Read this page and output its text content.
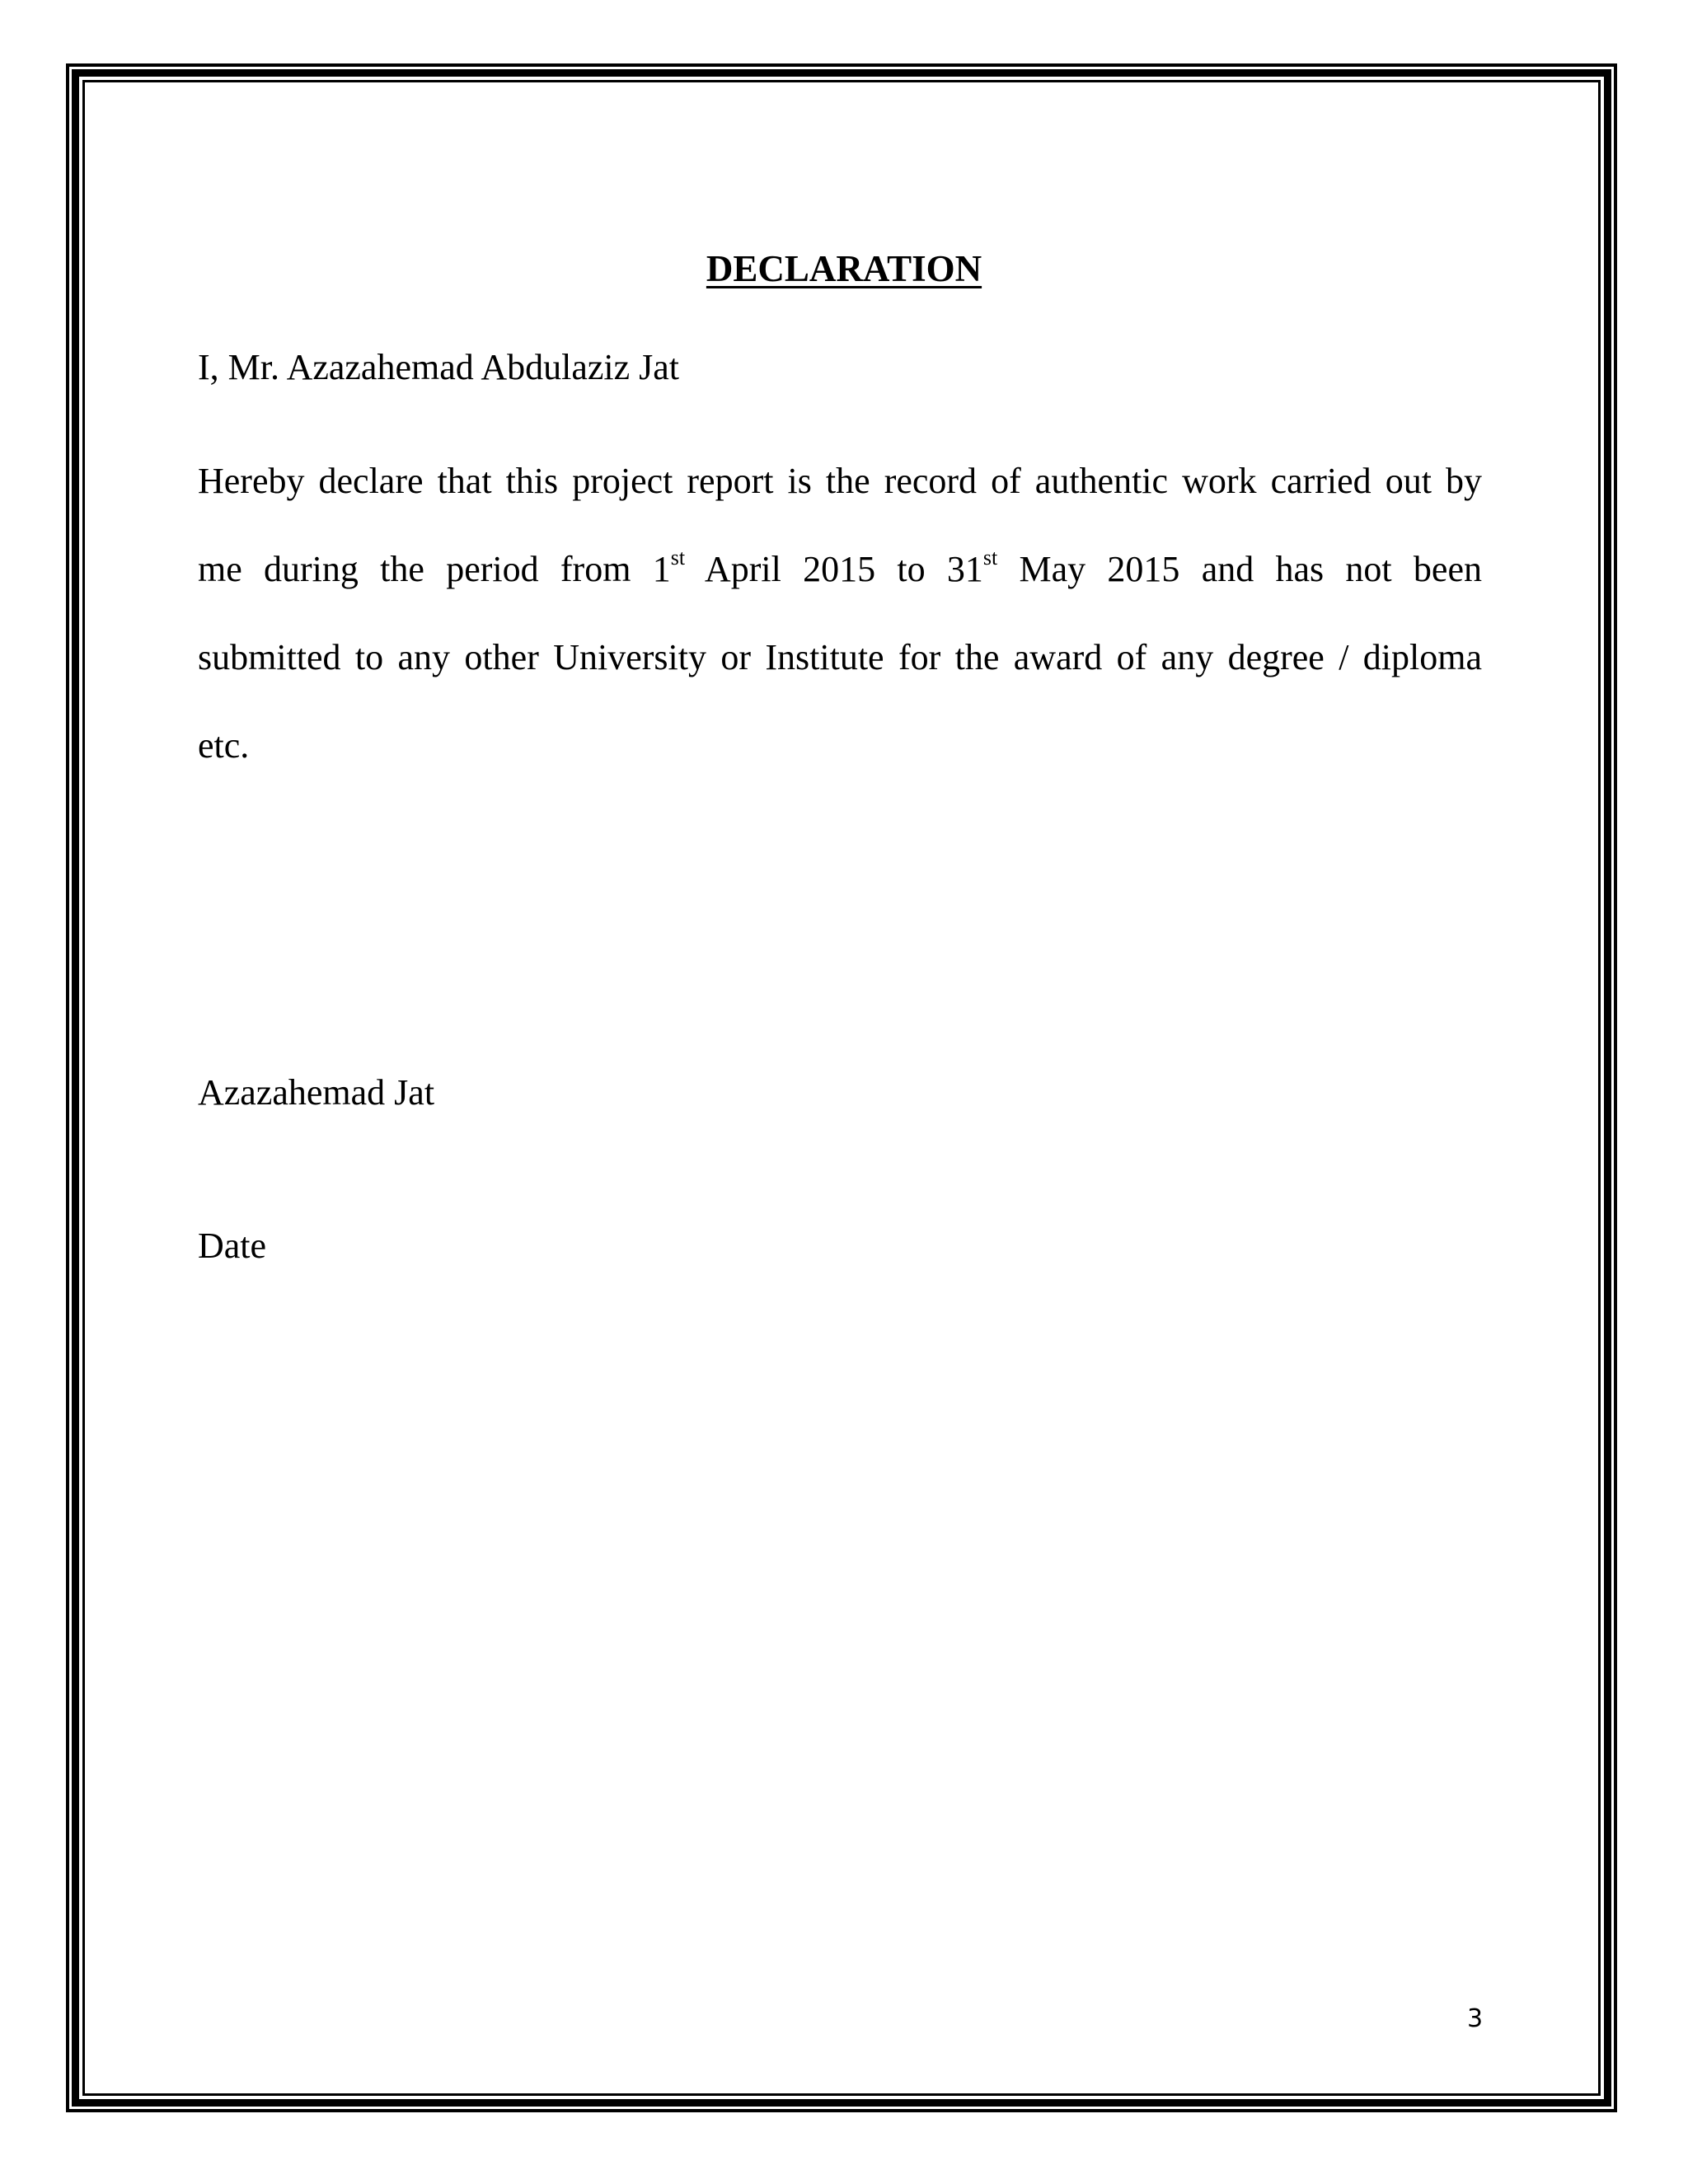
DECLARATION
I, Mr. Azazahemad Abdulaziz Jat
Hereby declare that this project report is the record of authentic work carried out by
me during the period from 1st April 2015 to 31st May 2015 and has not been
submitted to any other University or Institute for the award of any degree / diploma
etc.
Azazahemad Jat
Date
3
